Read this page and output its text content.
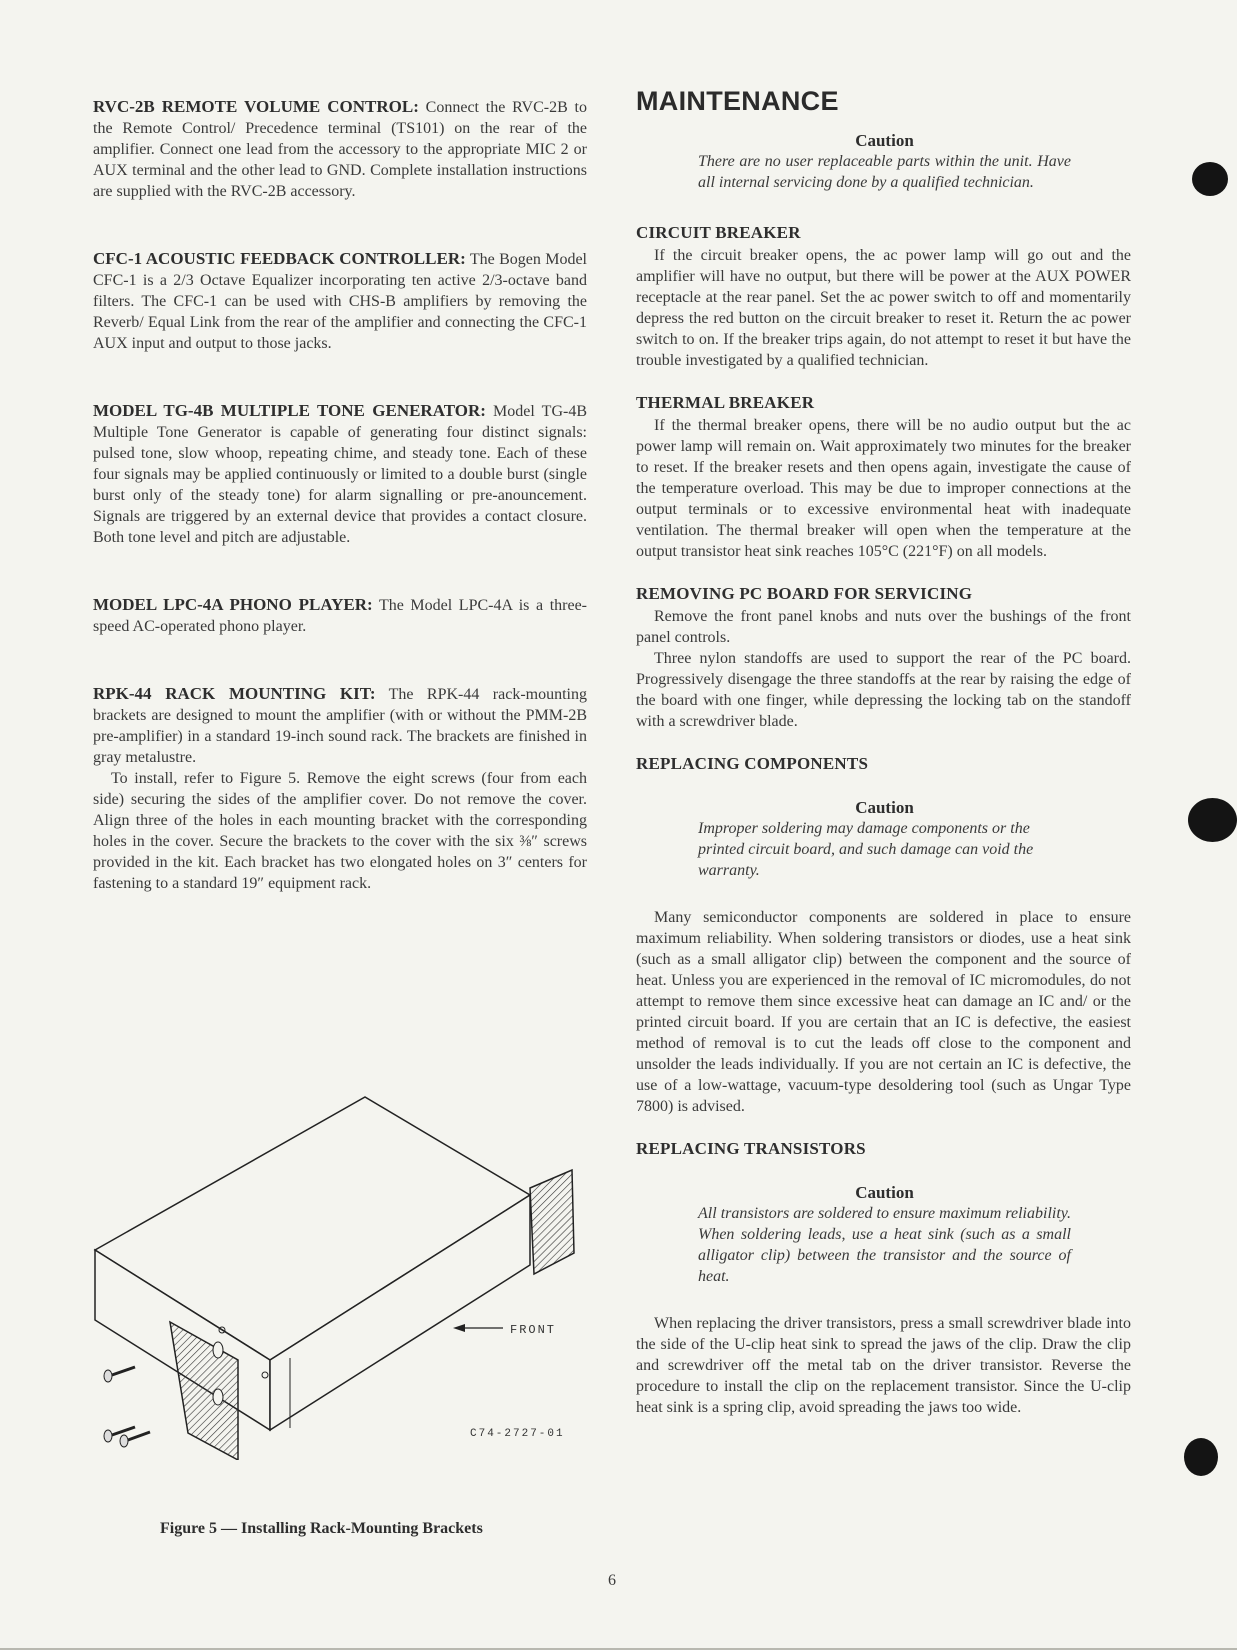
RVC-2B REMOTE VOLUME CONTROL: Connect the RVC-2B to the Remote Control/ Precedence terminal (TS101) on the rear of the amplifier. Connect one lead from the accessory to the appropriate MIC 2 or AUX terminal and the other lead to GND. Complete installation instructions are supplied with the RVC-2B accessory.

CFC-1 ACOUSTIC FEEDBACK CONTROLLER: The Bogen Model CFC-1 is a 2/3 Octave Equalizer incorporating ten active 2/3-octave band filters. The CFC-1 can be used with CHS-B amplifiers by removing the Reverb/ Equal Link from the rear of the amplifier and connecting the CFC-1 AUX input and output to those jacks.

MODEL TG-4B MULTIPLE TONE GENERATOR: Model TG-4B Multiple Tone Generator is capable of generating four distinct signals: pulsed tone, slow whoop, repeating chime, and steady tone. Each of these four signals may be applied continuously or limited to a double burst (single burst only of the steady tone) for alarm signalling or pre-anouncement. Signals are triggered by an external device that provides a contact closure. Both tone level and pitch are adjustable.

MODEL LPC-4A PHONO PLAYER: The Model LPC-4A is a three-speed AC-operated phono player.

RPK-44 RACK MOUNTING KIT: The RPK-44 rack-mounting brackets are designed to mount the amplifier (with or without the PMM-2B pre-amplifier) in a standard 19-inch sound rack. The brackets are finished in gray metalustre.

To install, refer to Figure 5. Remove the eight screws (four from each side) securing the sides of the amplifier cover. Do not remove the cover. Align three of the holes in each mounting bracket with the corresponding holes in the cover. Secure the brackets to the cover with the six ⅜″ screws provided in the kit. Each bracket has two elongated holes on 3″ centers for fastening to a standard 19″ equipment rack.

FRONT
C74-2727-01
Figure 5 — Installing Rack-Mounting Brackets
MAINTENANCE

Caution

There are no user replaceable parts within the unit. Have all internal servicing done by a qualified technician.

CIRCUIT BREAKER

If the circuit breaker opens, the ac power lamp will go out and the amplifier will have no output, but there will be power at the AUX POWER receptacle at the rear panel. Set the ac power switch to off and momentarily depress the red button on the circuit breaker to reset it. Return the ac power switch to on. If the breaker trips again, do not attempt to reset it but have the trouble investigated by a qualified technician.

THERMAL BREAKER

If the thermal breaker opens, there will be no audio output but the ac power lamp will remain on. Wait approximately two minutes for the breaker to reset. If the breaker resets and then opens again, investigate the cause of the temperature overload. This may be due to improper connections at the output terminals or to excessive environmental heat with inadequate ventilation. The thermal breaker will open when the temperature at the output transistor heat sink reaches 105°C (221°F) on all models.

REMOVING PC BOARD FOR SERVICING

Remove the front panel knobs and nuts over the bushings of the front panel controls.

Three nylon standoffs are used to support the rear of the PC board. Progressively disengage the three standoffs at the rear by raising the edge of the board with one finger, while depressing the locking tab on the standoff with a screwdriver blade.

REPLACING COMPONENTS

Caution

Improper soldering may damage components or the printed circuit board, and such damage can void the warranty.

Many semiconductor components are soldered in place to ensure maximum reliability. When soldering transistors or diodes, use a heat sink (such as a small alligator clip) between the component and the source of heat. Unless you are experienced in the removal of IC micromodules, do not attempt to remove them since excessive heat can damage an IC and/ or the printed circuit board. If you are certain that an IC is defective, the easiest method of removal is to cut the leads off close to the component and unsolder the leads individually. If you are not certain an IC is defective, the use of a low-wattage, vacuum-type desoldering tool (such as Ungar Type 7800) is advised.

REPLACING TRANSISTORS

Caution

All transistors are soldered to ensure maximum reliability. When soldering leads, use a heat sink (such as a small alligator clip) between the transistor and the source of heat.

When replacing the driver transistors, press a small screwdriver blade into the side of the U-clip heat sink to spread the jaws of the clip. Draw the clip and screwdriver off the metal tab on the driver transistor. Reverse the procedure to install the clip on the replacement transistor. Since the U-clip heat sink is a spring clip, avoid spreading the jaws too wide.

6
